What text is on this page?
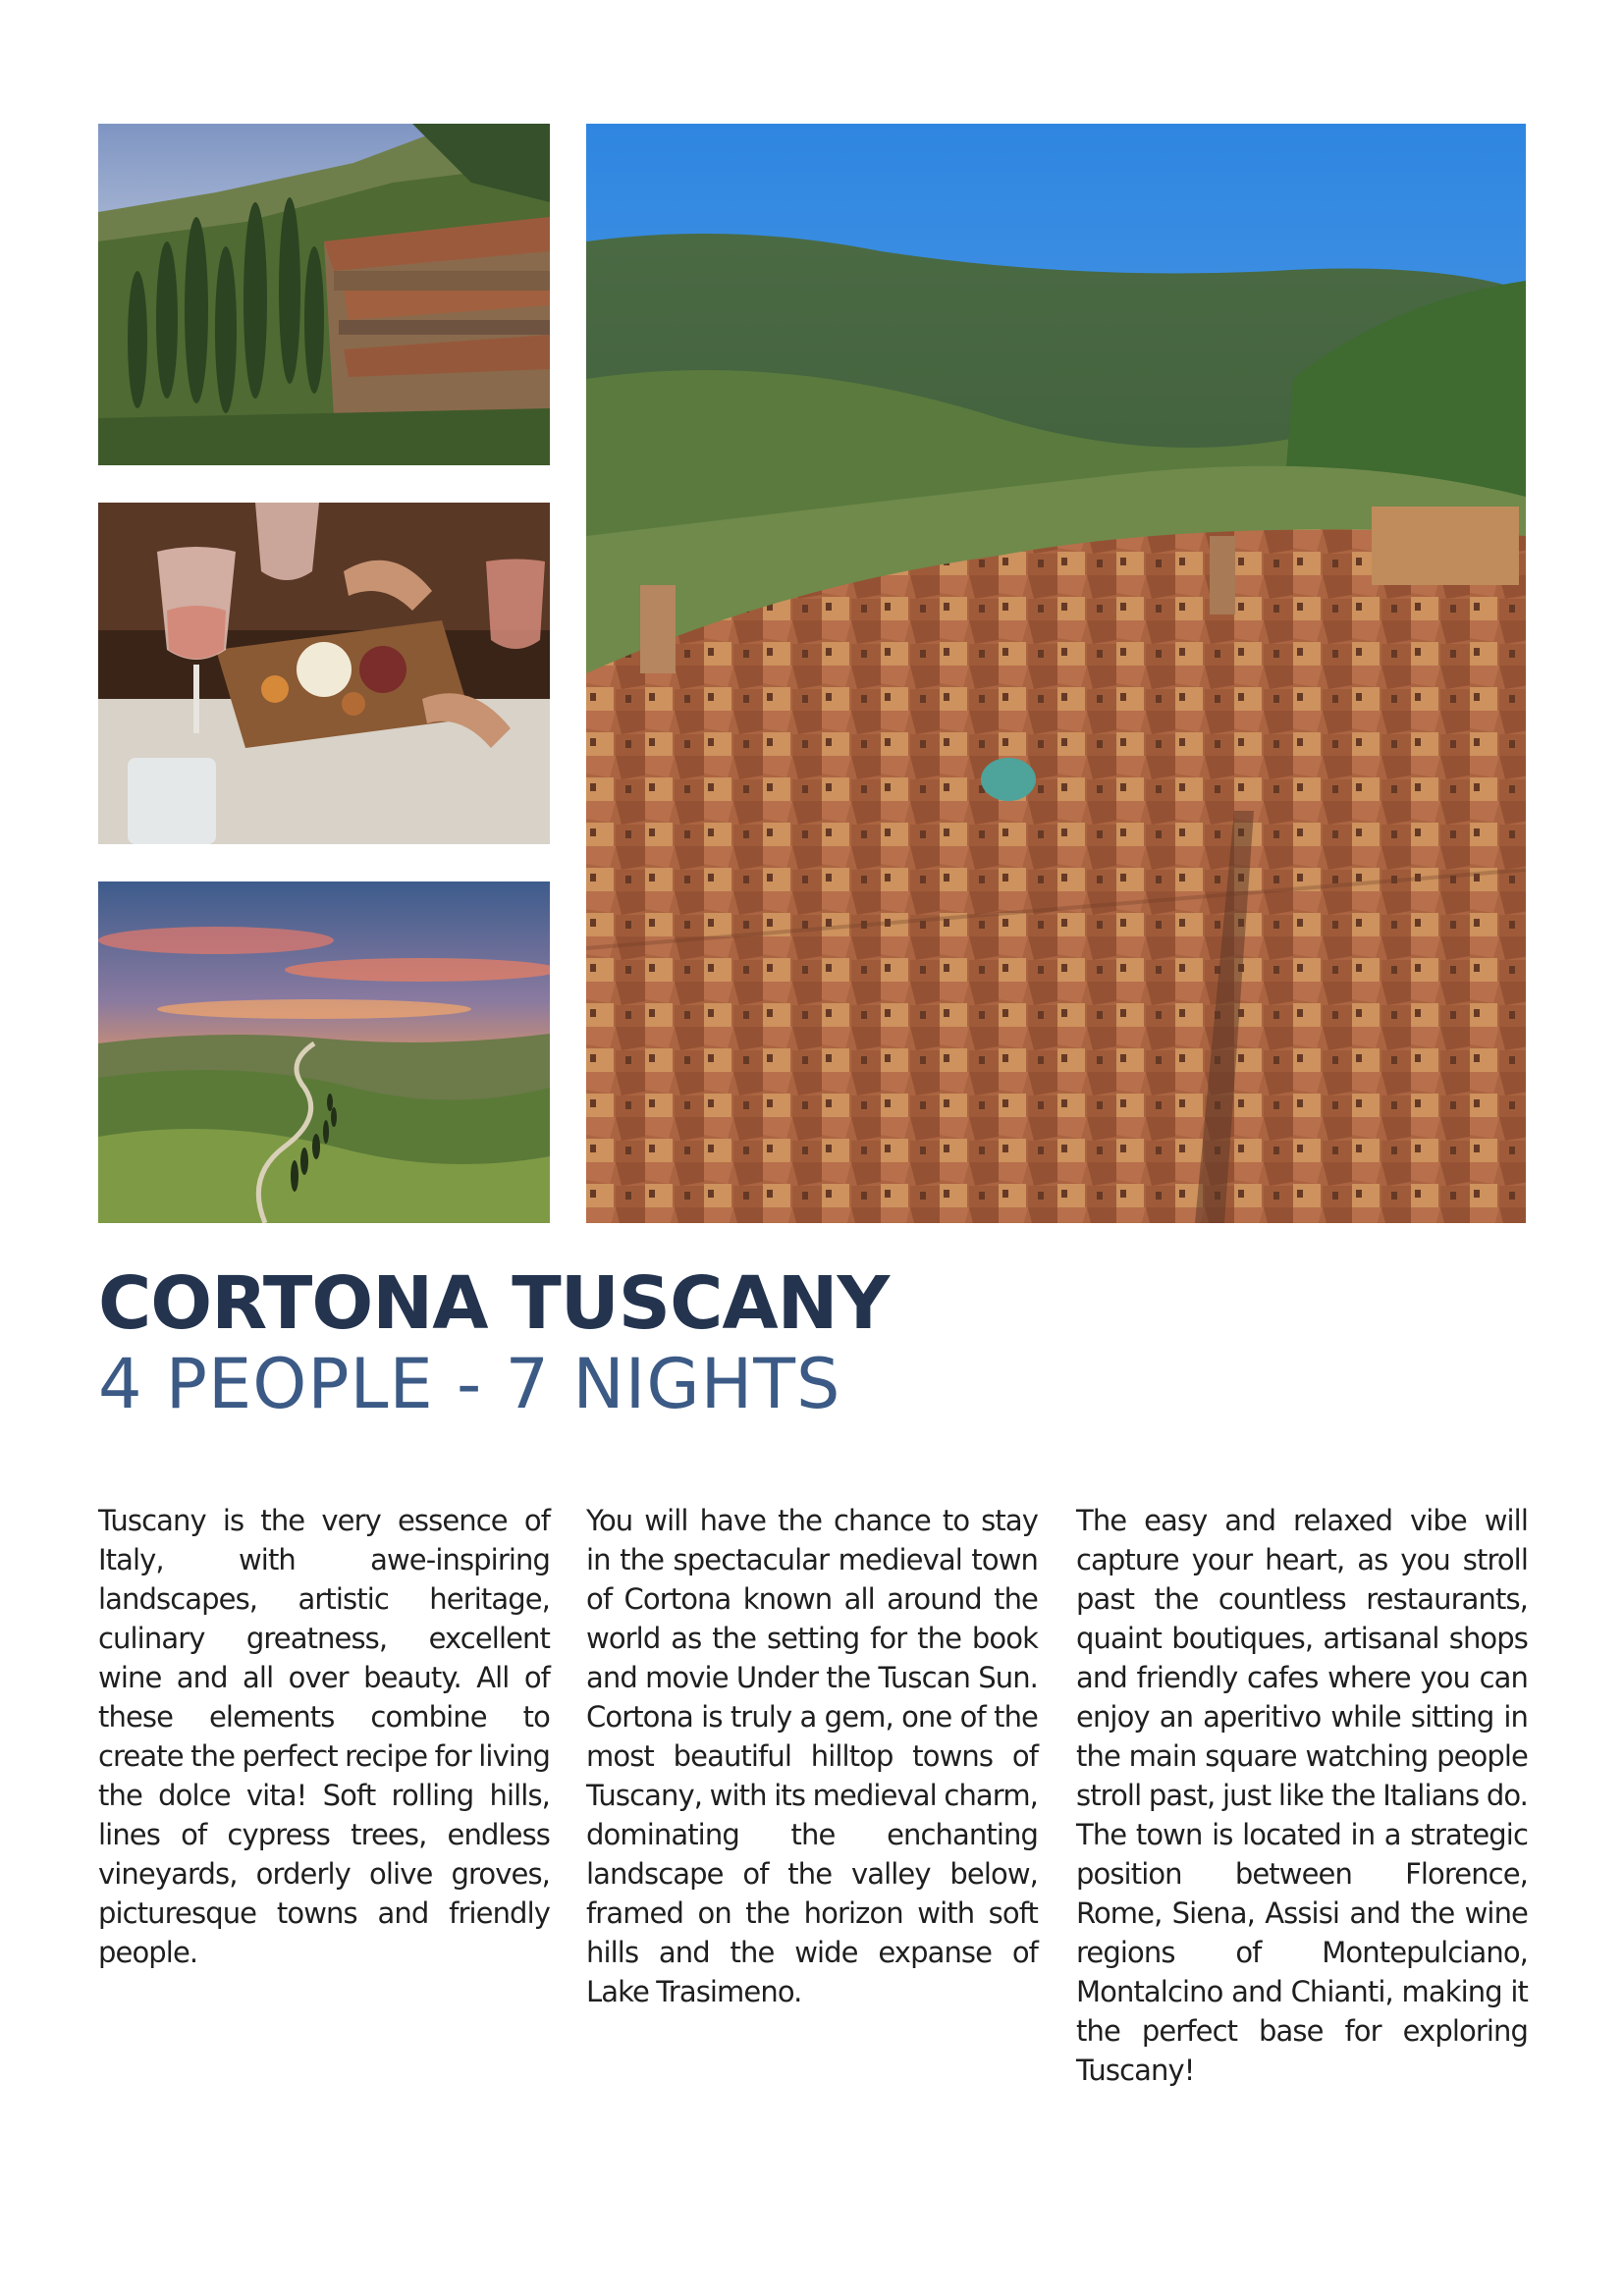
CORTONA TUSCANY
4 PEOPLE - 7 NIGHTS

Tuscany is the very essence of Italy, with awe-inspiring landscapes, artistic heritage, culinary greatness, excellent wine and all over beauty. All of these elements combine to create the perfect recipe for living the dolce vita! Soft rolling hills, lines of cypress trees, endless vineyards, orderly olive groves, picturesque towns and friendly people.

You will have the chance to stay in the spectacular medieval town of Cortona known all around the world as the setting for the book and movie Under the Tuscan Sun. Cortona is truly a gem, one of the most beautiful hilltop towns of Tuscany, with its medieval charm, dominating the enchanting landscape of the valley below, framed on the horizon with soft hills and the wide expanse of Lake Trasimeno.

The easy and relaxed vibe will capture your heart, as you stroll past the countless restaurants, quaint boutiques, artisanal shops and friendly cafes where you can enjoy an aperitivo while sitting in the main square watching people stroll past, just like the Italians do. The town is located in a strategic position between Florence, Rome, Siena, Assisi and the wine regions of Montepulciano, Montalcino and Chianti, making it the perfect base for exploring Tuscany!
